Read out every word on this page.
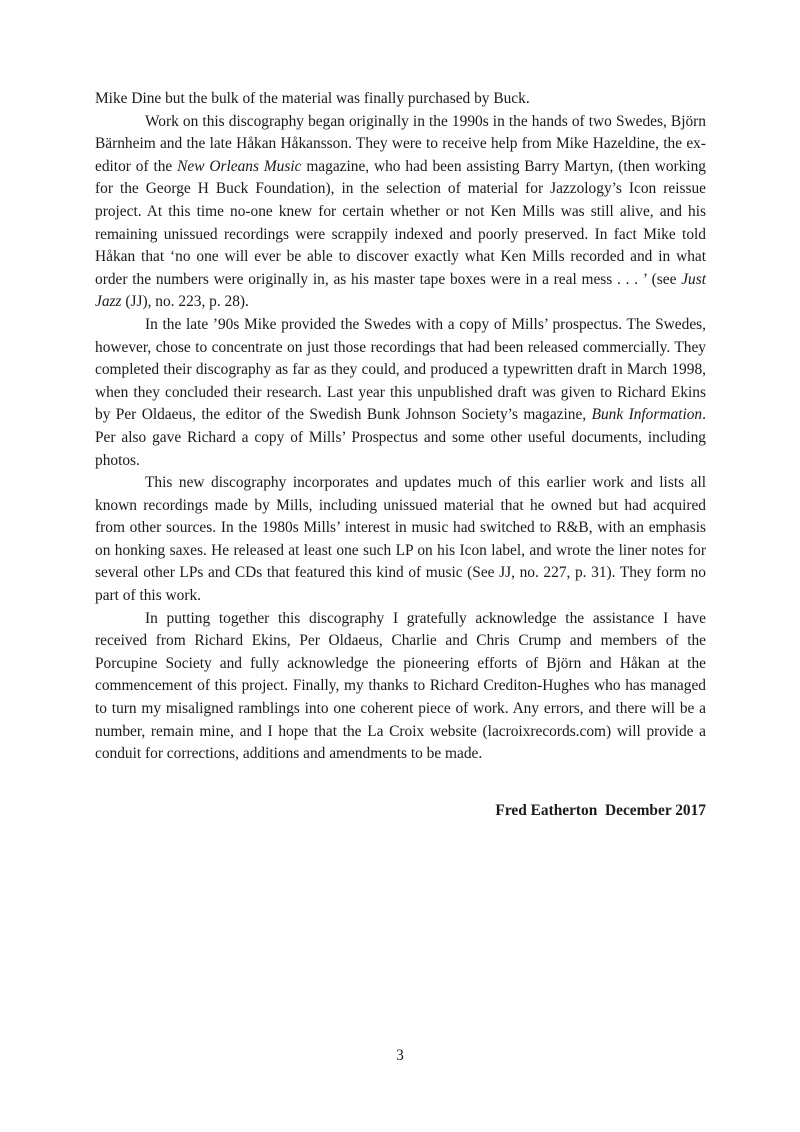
Mike Dine but the bulk of the material was finally purchased by Buck.

Work on this discography began originally in the 1990s in the hands of two Swedes, Björn Bärnheim and the late Håkan Håkansson. They were to receive help from Mike Hazeldine, the ex-editor of the New Orleans Music magazine, who had been assisting Barry Martyn, (then working for the George H Buck Foundation), in the selection of material for Jazzology’s Icon reissue project. At this time no-one knew for certain whether or not Ken Mills was still alive, and his remaining unissued recordings were scrappily indexed and poorly preserved. In fact Mike told Håkan that ‘no one will ever be able to discover exactly what Ken Mills recorded and in what order the numbers were originally in, as his master tape boxes were in a real mess . . . ’ (see Just Jazz (JJ), no. 223, p. 28).

In the late ’90s Mike provided the Swedes with a copy of Mills’ prospectus. The Swedes, however, chose to concentrate on just those recordings that had been released commercially. They completed their discography as far as they could, and produced a typewritten draft in March 1998, when they concluded their research. Last year this unpublished draft was given to Richard Ekins by Per Oldaeus, the editor of the Swedish Bunk Johnson Society’s magazine, Bunk Information. Per also gave Richard a copy of Mills’ Prospectus and some other useful documents, including photos.

This new discography incorporates and updates much of this earlier work and lists all known recordings made by Mills, including unissued material that he owned but had acquired from other sources. In the 1980s Mills’ interest in music had switched to R&B, with an emphasis on honking saxes. He released at least one such LP on his Icon label, and wrote the liner notes for several other LPs and CDs that featured this kind of music (See JJ, no. 227, p. 31). They form no part of this work.

In putting together this discography I gratefully acknowledge the assistance I have received from Richard Ekins, Per Oldaeus, Charlie and Chris Crump and members of the Porcupine Society and fully acknowledge the pioneering efforts of Björn and Håkan at the commencement of this project. Finally, my thanks to Richard Crediton-Hughes who has managed to turn my misaligned ramblings into one coherent piece of work. Any errors, and there will be a number, remain mine, and I hope that the La Croix website (lacroixrecords.com) will provide a conduit for corrections, additions and amendments to be made.

Fred Eatherton  December 2017
3
